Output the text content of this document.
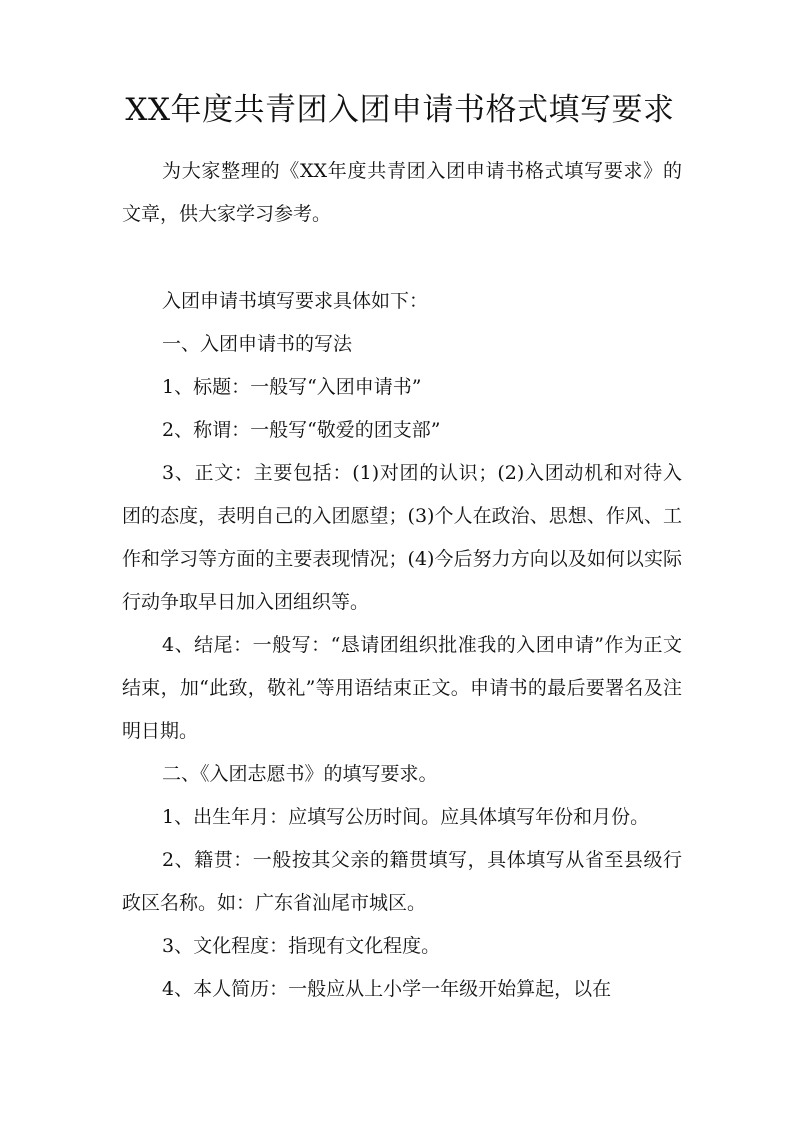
XX年度共青团入团申请书格式填写要求

为大家整理的《XX年度共青团入团申请书格式填写要求》的文章，供大家学习参考。

入团申请书填写要求具体如下：

一、入团申请书的写法

1、标题：一般写“入团申请书”

2、称谓：一般写“敬爱的团支部”

3、正文：主要包括：(1)对团的认识；(2)入团动机和对待入团的态度，表明自己的入团愿望；(3)个人在政治、思想、作风、工作和学习等方面的主要表现情况；(4)今后努力方向以及如何以实际行动争取早日加入团组织等。

4、结尾：一般写：“恳请团组织批准我的入团申请”作为正文结束，加“此致，敬礼”等用语结束正文。申请书的最后要署名及注明日期。

二、《入团志愿书》的填写要求。

1、出生年月：应填写公历时间。应具体填写年份和月份。

2、籍贯：一般按其父亲的籍贯填写，具体填写从省至县级行政区名称。如：广东省汕尾市城区。

3、文化程度：指现有文化程度。

4、本人简历：一般应从上小学一年级开始算起，以在
